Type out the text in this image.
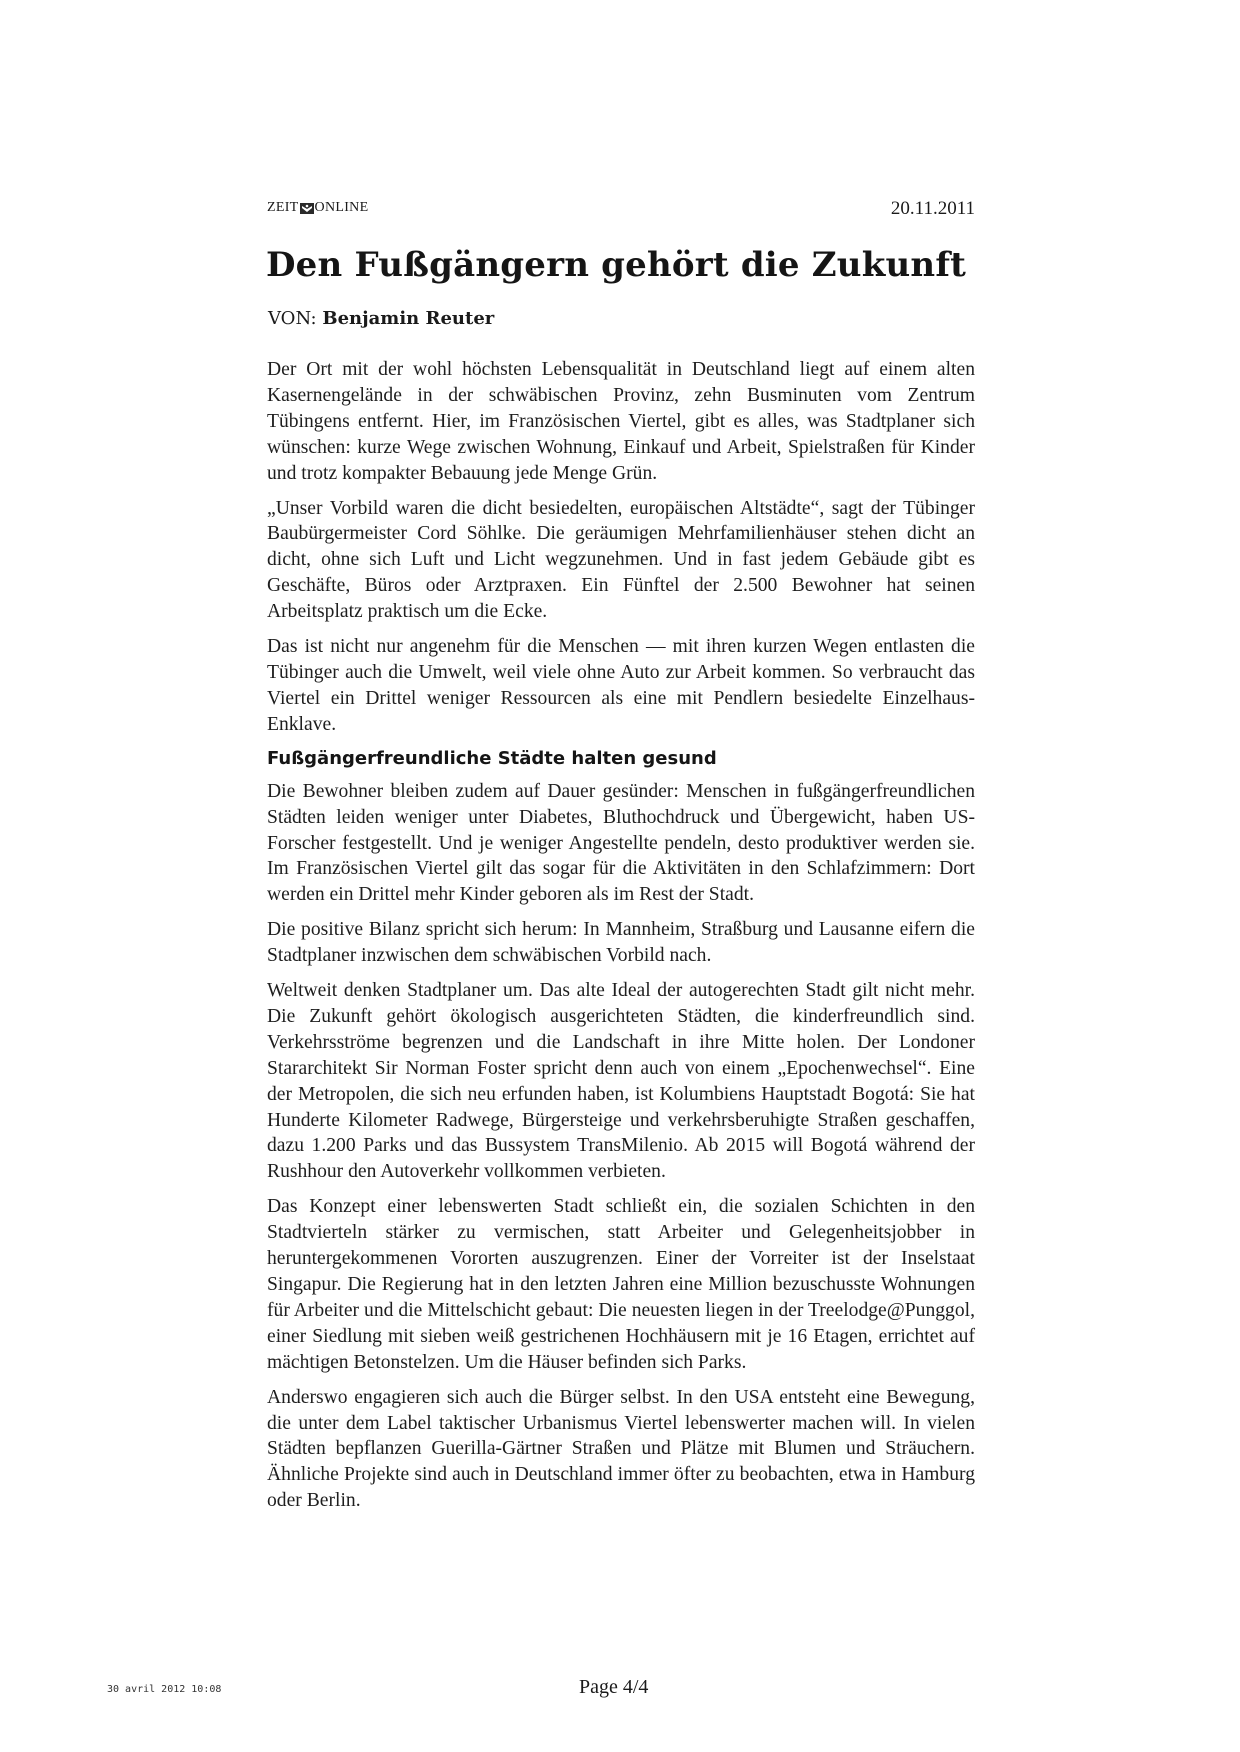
ZEIT ONLINE	20.11.2011
Den Fußgängern gehört die Zukunft
VON: Benjamin Reuter

Der Ort mit der wohl höchsten Lebensqualität in Deutschland liegt auf einem alten Kasernengelände in der schwäbischen Provinz, zehn Busminuten vom Zentrum Tübingens entfernt. Hier, im Französischen Viertel, gibt es alles, was Stadtplaner sich wünschen: kurze Wege zwischen Wohnung, Einkauf und Arbeit, Spielstraßen für Kinder und trotz kompakter Bebauung jede Menge Grün.

„Unser Vorbild waren die dicht besiedelten, europäischen Altstädte“, sagt der Tübinger Baubürgermeister Cord Söhlke. Die geräumigen Mehrfamilienhäuser stehen dicht an dicht, ohne sich Luft und Licht wegzunehmen. Und in fast jedem Gebäude gibt es Geschäfte, Büros oder Arztpraxen. Ein Fünftel der 2.500 Bewohner hat seinen Arbeitsplatz praktisch um die Ecke.

Das ist nicht nur angenehm für die Menschen — mit ihren kurzen Wegen entlasten die Tübinger auch die Umwelt, weil viele ohne Auto zur Arbeit kommen. So verbraucht das Viertel ein Drittel weniger Ressourcen als eine mit Pendlern besiedelte Einzelhaus-Enklave.

Fußgängerfreundliche Städte halten gesund

Die Bewohner bleiben zudem auf Dauer gesünder: Menschen in fußgängerfreundlichen Städten leiden weniger unter Diabetes, Bluthochdruck und Übergewicht, haben US-Forscher festgestellt. Und je weniger Angestellte pendeln, desto produktiver werden sie. Im Französischen Viertel gilt das sogar für die Aktivitäten in den Schlafzimmern: Dort werden ein Drittel mehr Kinder geboren als im Rest der Stadt.

Die positive Bilanz spricht sich herum: In Mannheim, Straßburg und Lausanne eifern die Stadtplaner inzwischen dem schwäbischen Vorbild nach.

Weltweit denken Stadtplaner um. Das alte Ideal der autogerechten Stadt gilt nicht mehr. Die Zukunft gehört ökologisch ausgerichteten Städten, die kinderfreundlich sind. Verkehrsströme begrenzen und die Landschaft in ihre Mitte holen. Der Londoner Stararchitekt Sir Norman Foster spricht denn auch von einem „Epochenwechsel“. Eine der Metropolen, die sich neu erfunden haben, ist Kolumbiens Hauptstadt Bogotá: Sie hat Hunderte Kilometer Radwege, Bürgersteige und verkehrsberuhigte Straßen geschaffen, dazu 1.200 Parks und das Bussystem TransMilenio. Ab 2015 will Bogotá während der Rushhour den Autoverkehr vollkommen verbieten.

Das Konzept einer lebenswerten Stadt schließt ein, die sozialen Schichten in den Stadtvierteln stärker zu vermischen, statt Arbeiter und Gelegenheitsjobber in heruntergekommenen Vororten auszugrenzen. Einer der Vorreiter ist der Inselstaat Singapur. Die Regierung hat in den letzten Jahren eine Million bezuschusste Wohnungen für Arbeiter und die Mittelschicht gebaut: Die neuesten liegen in der Treelodge@Punggol, einer Siedlung mit sieben weiß gestrichenen Hochhäusern mit je 16 Etagen, errichtet auf mächtigen Betonstelzen. Um die Häuser befinden sich Parks.

Anderswo engagieren sich auch die Bürger selbst. In den USA entsteht eine Bewegung, die unter dem Label taktischer Urbanismus Viertel lebenswerter machen will. In vielen Städten bepflanzen Guerilla-Gärtner Straßen und Plätze mit Blumen und Sträuchern. Ähnliche Projekte sind auch in Deutschland immer öfter zu beobachten, etwa in Hamburg oder Berlin.

30 avril 2012 10:08	Page 4/4
